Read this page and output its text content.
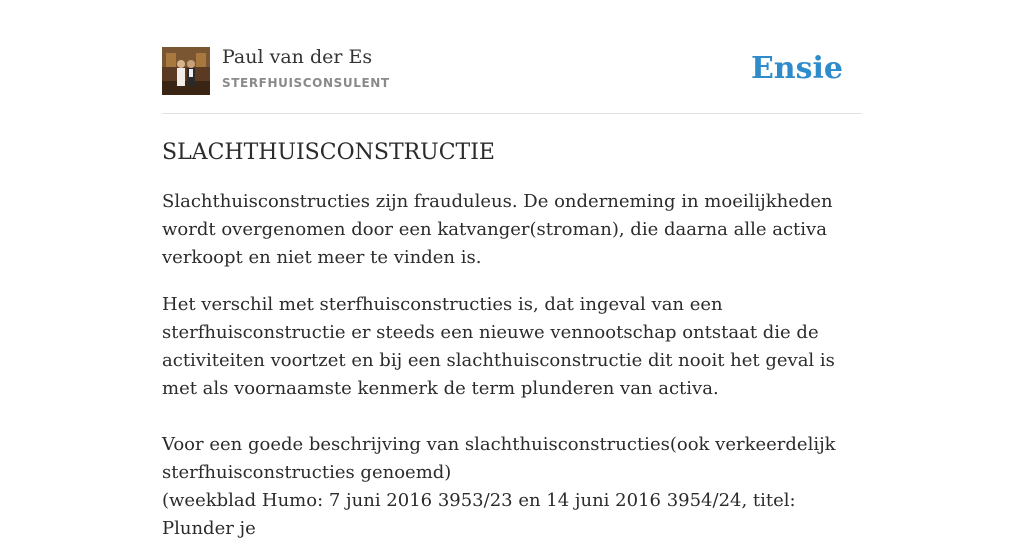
Paul van der Es
STERFHUISCONSULENT	Ensie
SLACHTHUISCONSTRUCTIE

Slachthuisconstructies zijn frauduleus. De onderneming in moeilijkheden wordt overgenomen door een katvanger(stroman), die daarna alle activa verkoopt en niet meer te vinden is.

Het verschil met sterfhuisconstructies is, dat ingeval van een sterfhuisconstructie er steeds een nieuwe vennootschap ontstaat die de activiteiten voortzet en bij een slachthuisconstructie dit nooit het geval is met als voornaamste kenmerk de term plunderen van activa.

Voor een goede beschrijving van slachthuisconstructies(ook verkeerdelijk sterfhuisconstructies genoemd)

(weekblad Humo: 7 juni 2016 3953/23 en 14 juni 2016 3954/24, titel: Plunder je
